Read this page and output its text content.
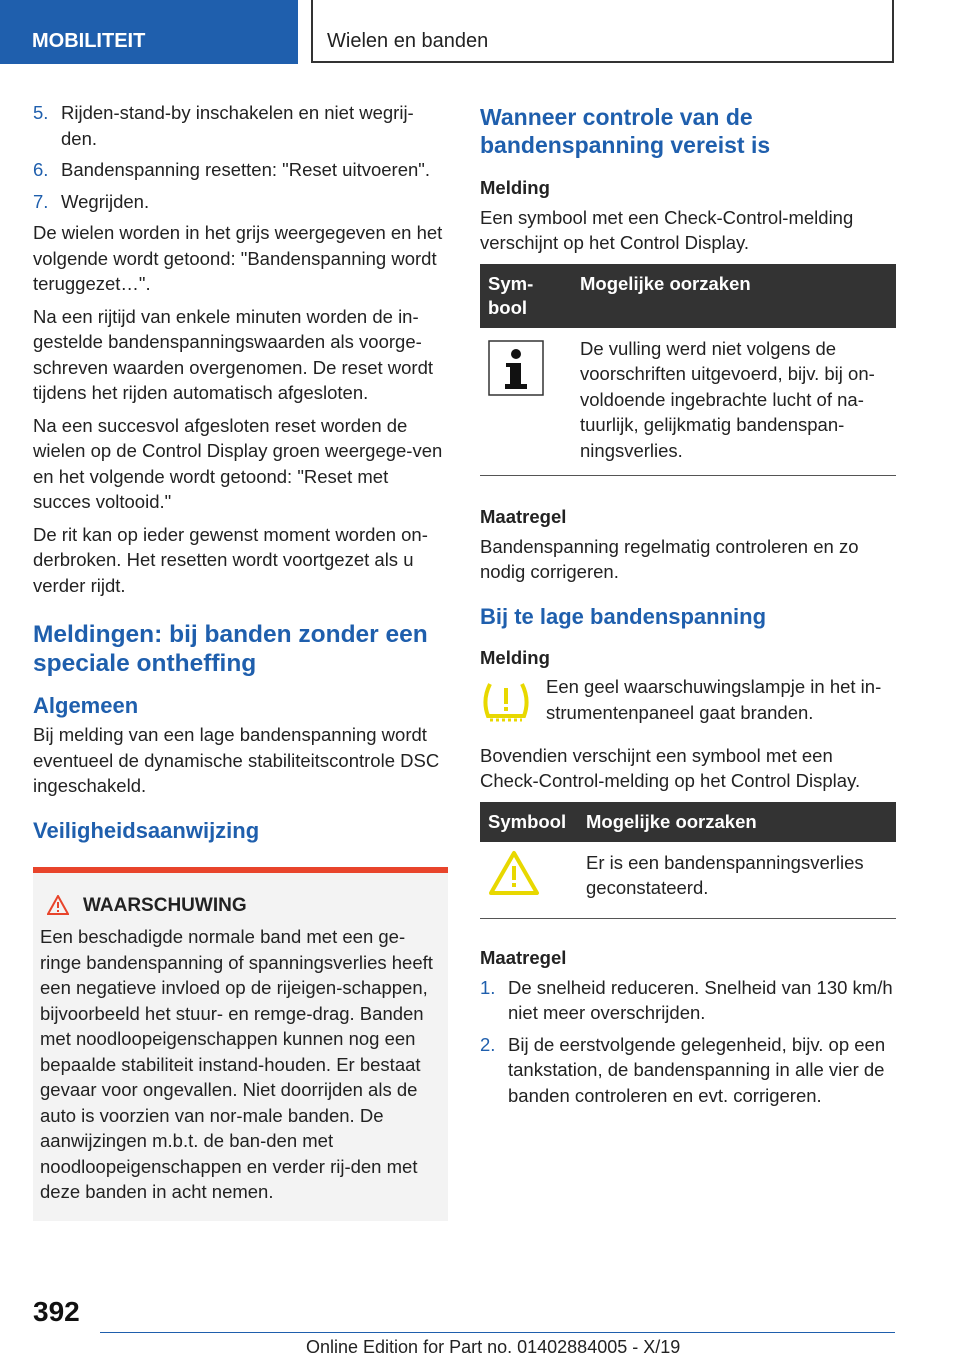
MOBILITEIT	Wielen en banden
5. Rijden-stand-by inschakelen en niet wegrij-den.
6. Bandenspanning resetten: "Reset uitvoeren".
7. Wegrijden.

De wielen worden in het grijs weergegeven en het volgende wordt getoond: "Bandenspanning wordt teruggezet…".

Na een rijtijd van enkele minuten worden de in-gestelde bandenspanningswaarden als voorge-schreven waarden overgenomen. De reset wordt tijdens het rijden automatisch afgesloten.

Na een succesvol afgesloten reset worden de wielen op de Control Display groen weergege-ven en het volgende wordt getoond: "Reset met succes voltooid."

De rit kan op ieder gewenst moment worden on-derbroken. Het resetten wordt voortgezet als u verder rijdt.

Meldingen: bij banden zonder een speciale ontheffing
Algemeen

Bij melding van een lage bandenspanning wordt eventueel de dynamische stabiliteitscontrole DSC ingeschakeld.

Veiligheidsaanwijzing
WAARSCHUWING
Een beschadigde normale band met een ge-ringe bandenspanning of spanningsverlies heeft een negatieve invloed op de rijeigen-schappen, bijvoorbeeld het stuur- en remge-drag. Banden met noodloopeigenschappen kunnen nog een bepaalde stabiliteit instand-houden. Er bestaat gevaar voor ongevallen. Niet doorrijden als de auto is voorzien van nor-male banden. De aanwijzingen m.b.t. de ban-den met noodloopeigenschappen en verder rij-den met deze banden in acht nemen.
Wanneer controle van de bandenspanning vereist is
Melding

Een symbool met een Check-Control-melding verschijnt op het Control Display.

Sym-bool	Mogelijke oorzaken
	De vulling werd niet volgens de voorschriften uitgevoerd, bijv. bij on-voldoende ingebrachte lucht of na-tuurlijk, gelijkmatig bandenspan-ningsverlies.
Maatregel

Bandenspanning regelmatig controleren en zo nodig corrigeren.

Bij te lage bandenspanning
Melding
Een geel waarschuwingslampje in het in-strumentenpaneel gaat branden.

Bovendien verschijnt een symbool met een Check-Control-melding op het Control Display.

Symbool	Mogelijke oorzaken
	Er is een bandenspanningsverlies geconstateerd.
Maatregel
1. De snelheid reduceren. Snelheid van 130 km/h niet meer overschrijden.
2. Bij de eerstvolgende gelegenheid, bijv. op een tankstation, de bandenspanning in alle vier de banden controleren en evt. corrigeren.
392
Online Edition for Part no. 01402884005 - X/19
